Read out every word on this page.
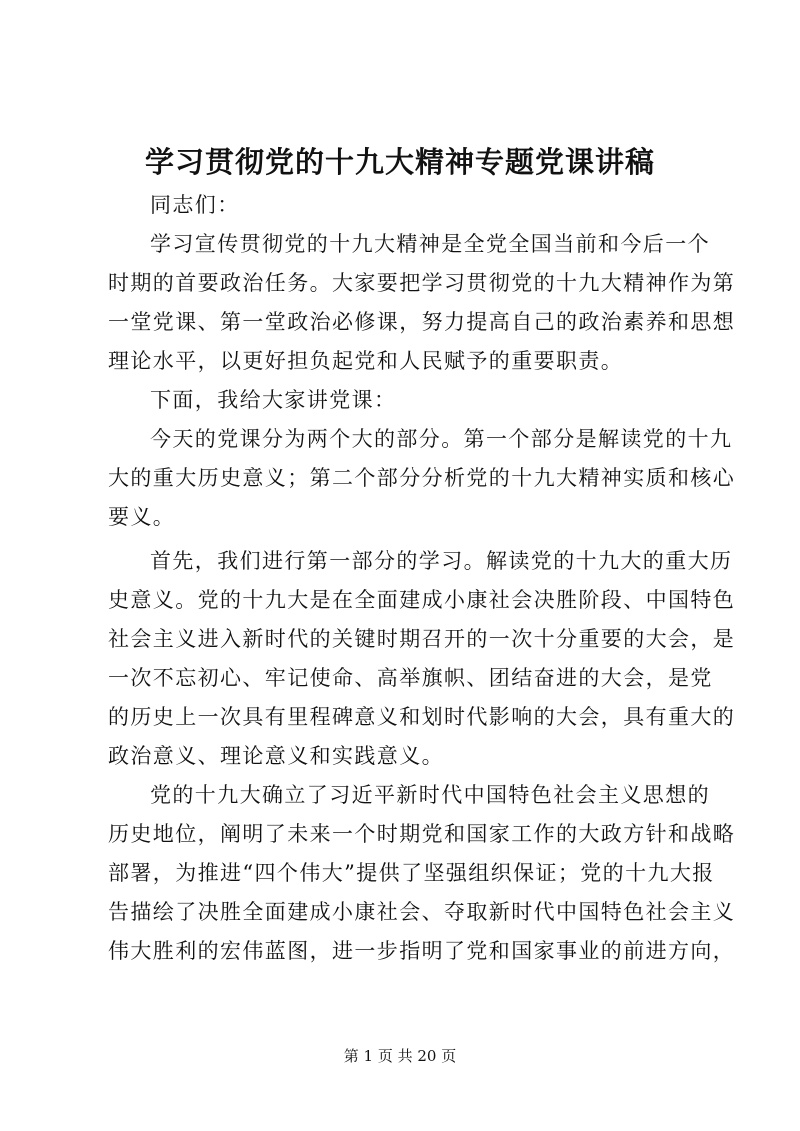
学习贯彻党的十九大精神专题党课讲稿
同志们：
学习宣传贯彻党的十九大精神是全党全国当前和今后一个
时期的首要政治任务。大家要把学习贯彻党的十九大精神作为第
一堂党课、第一堂政治必修课，努力提高自己的政治素养和思想
理论水平，以更好担负起党和人民赋予的重要职责。
下面，我给大家讲党课：
今天的党课分为两个大的部分。第一个部分是解读党的十九
大的重大历史意义；第二个部分分析党的十九大精神实质和核心
要义。
首先，我们进行第一部分的学习。解读党的十九大的重大历
史意义。党的十九大是在全面建成小康社会决胜阶段、中国特色
社会主义进入新时代的关键时期召开的一次十分重要的大会，是
一次不忘初心、牢记使命、高举旗帜、团结奋进的大会，是党
的历史上一次具有里程碑意义和划时代影响的大会，具有重大的
政治意义、理论意义和实践意义。
党的十九大确立了习近平新时代中国特色社会主义思想的
历史地位，阐明了未来一个时期党和国家工作的大政方针和战略
部署，为推进“四个伟大”提供了坚强组织保证；党的十九大报
告描绘了决胜全面建成小康社会、夺取新时代中国特色社会主义
伟大胜利的宏伟蓝图，进一步指明了党和国家事业的前进方向，
第 1 页 共 20 页
